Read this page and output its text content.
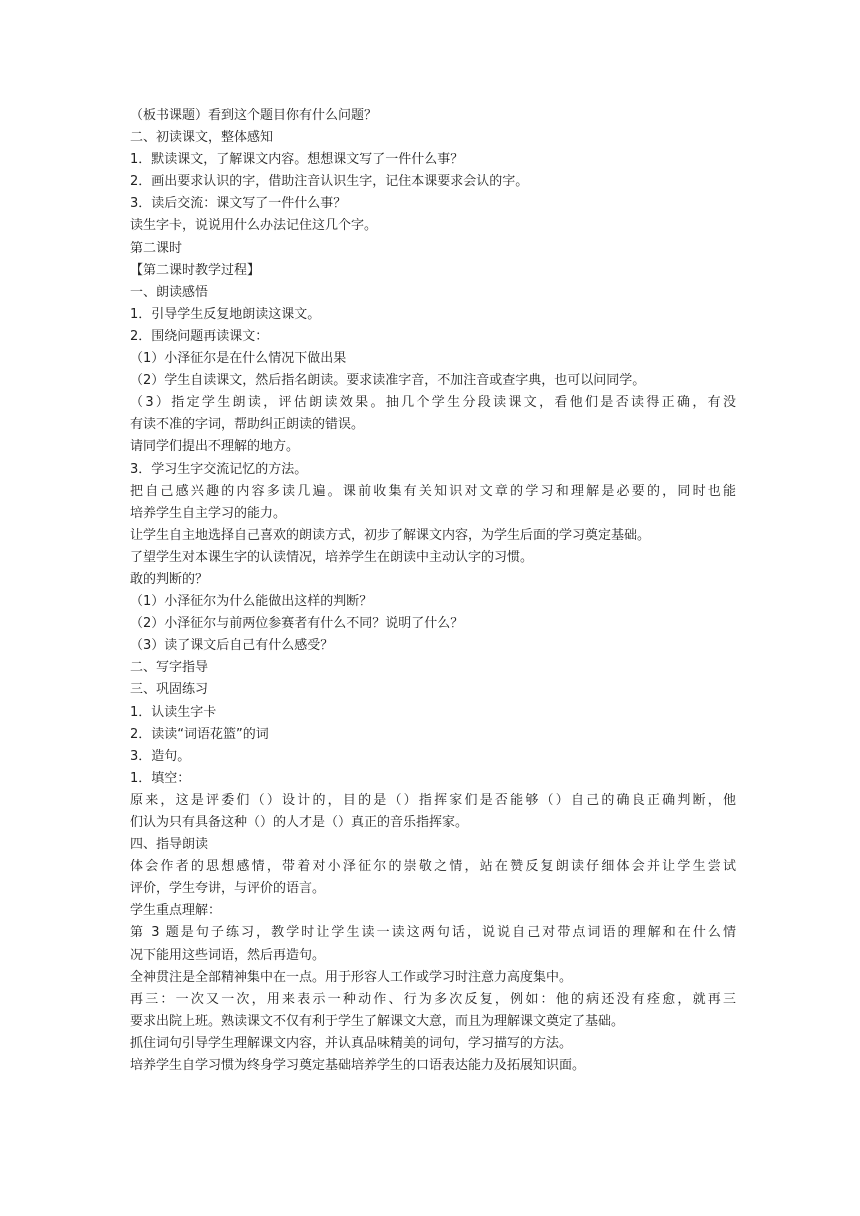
（板书课题）看到这个题目你有什么问题？
二、初读课文，整体感知
1．默读课文，了解课文内容。想想课文写了一件什么事？
2．画出要求认识的字，借助注音认识生字，记住本课要求会认的字。
3．读后交流：课文写了一件什么事？
读生字卡，说说用什么办法记住这几个字。
第二课时
【第二课时教学过程】
一、朗读感悟
1．引导学生反复地朗读这课文。
2．围绕问题再读课文：
（1）小泽征尔是在什么情况下做出果
（2）学生自读课文，然后指名朗读。要求读准字音，不加注音或查字典，也可以问同学。
（3）指定学生朗读，评估朗读效果。抽几个学生分段读课文，看他们是否读得正确，有没
有读不准的字词，帮助纠正朗读的错误。
请同学们提出不理解的地方。
3．学习生字交流记忆的方法。
把自己感兴趣的内容多读几遍。课前收集有关知识对文章的学习和理解是必要的，同时也能
培养学生自主学习的能力。
让学生自主地选择自己喜欢的朗读方式，初步了解课文内容，为学生后面的学习奠定基础。
了望学生对本课生字的认读情况，培养学生在朗读中主动认字的习惯。
敢的判断的？
（1）小泽征尔为什么能做出这样的判断？
（2）小泽征尔与前两位参赛者有什么不同？说明了什么？
（3）读了课文后自己有什么感受？
二、写字指导
三、巩固练习
1．认读生字卡
2．读读“词语花篮”的词
3．造句。
1．填空：
原来，这是评委们（）设计的，目的是（）指挥家们是否能够（）自己的确良正确判断，他
们认为只有具备这种（）的人才是（）真正的音乐指挥家。
四、指导朗读
体会作者的思想感情，带着对小泽征尔的崇敬之情，站在赞反复朗读仔细体会并让学生尝试
评价，学生夸讲，与评价的语言。
学生重点理解：
第 3 题是句子练习，教学时让学生读一读这两句话，说说自己对带点词语的理解和在什么情
况下能用这些词语，然后再造句。
全神贯注是全部精神集中在一点。用于形容人工作或学习时注意力高度集中。
再三：一次又一次，用来表示一种动作、行为多次反复，例如：他的病还没有痊愈，就再三
要求出院上班。熟读课文不仅有利于学生了解课文大意，而且为理解课文奠定了基础。
抓住词句引导学生理解课文内容，并认真品味精美的词句，学习描写的方法。
培养学生自学习惯为终身学习奠定基础培养学生的口语表达能力及拓展知识面。
